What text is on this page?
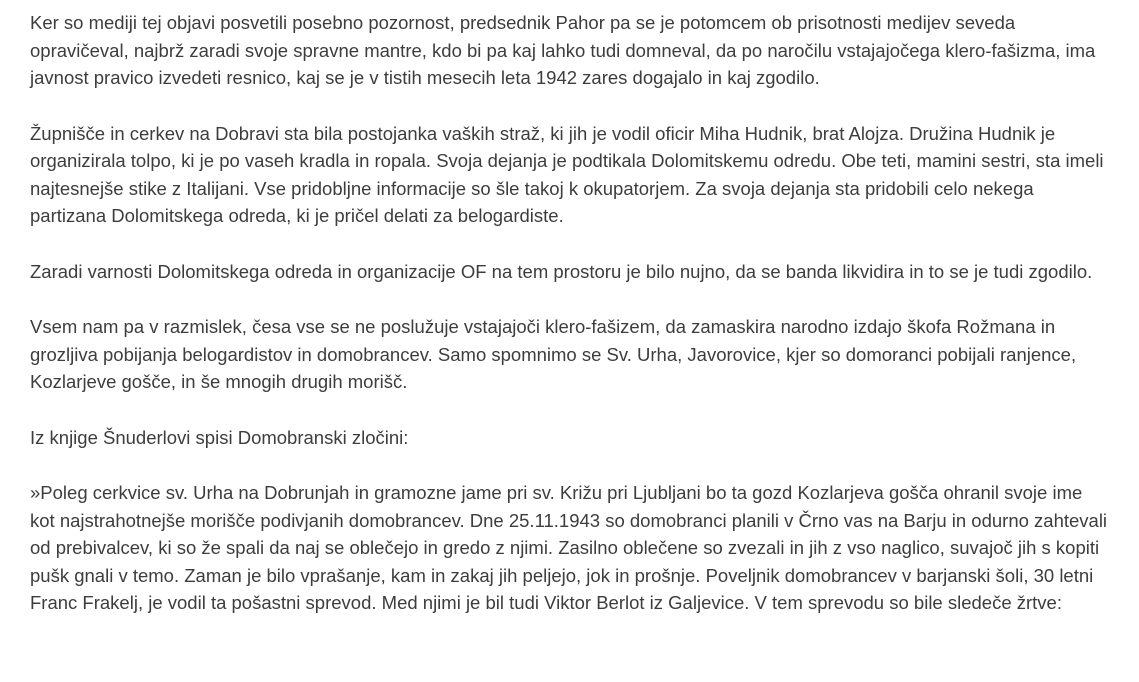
Ker so mediji tej objavi posvetili posebno pozornost, predsednik Pahor pa se je potomcem ob prisotnosti medijev seveda opravičeval, najbrž zaradi svoje spravne mantre, kdo bi pa kaj lahko tudi domneval, da po naročilu vstajajočega klero-fašizma, ima javnost pravico izvedeti resnico, kaj se je v tistih mesecih leta 1942 zares dogajalo in kaj zgodilo.

Župnišče in cerkev na Dobravi sta bila postojanka vaških straž, ki jih je vodil oficir Miha Hudnik, brat Alojza. Družina Hudnik je organizirala tolpo, ki je po vaseh kradla in ropala. Svoja dejanja je podtikala Dolomitskemu odredu. Obe teti, mamini sestri, sta imeli najtesnejše stike z Italijani. Vse pridobljne informacije so šle takoj k okupatorjem. Za svoja dejanja sta pridobili celo nekega partizana Dolomitskega odreda, ki je pričel delati za belogardiste.

Zaradi varnosti Dolomitskega odreda in organizacije OF na tem prostoru je bilo nujno, da se banda likvidira in to se je tudi zgodilo.

Vsem nam pa v razmislek, česa vse se ne poslužuje vstajajoči klero-fašizem, da zamaskira narodno izdajo škofa Rožmana in grozljiva pobijanja belogardistov in domobrancev. Samo spomnimo se Sv. Urha, Javorovice, kjer so domoranci pobijali ranjence, Kozlarjeve gošče, in še mnogih drugih morišč.

Iz knjige Šnuderlovi spisi Domobranski zločini:

»Poleg cerkvice sv. Urha na Dobrunjah in gramozne jame pri sv. Križu pri Ljubljani bo ta gozd Kozlarjeva gošča ohranil svoje ime kot najstrahotnejše morišče podivjanih domobrancev. Dne 25.11.1943 so domobranci planili v Črno vas na Barju in odurno zahtevali od prebivalcev, ki so že spali da naj se oblečejo in gredo z njimi. Zasilno oblečene so zvezali in jih z vso naglico, suvajoč jih s kopiti pušk gnali v temo. Zaman je bilo vprašanje, kam in zakaj jih peljejo, jok in prošnje. Poveljnik domobrancev v barjanski šoli, 30 letni Franc Frakelj, je vodil ta pošastni sprevod. Med njimi je bil tudi Viktor Berlot iz Galjevice. V tem sprevodu so bile sledeče žrtve:
